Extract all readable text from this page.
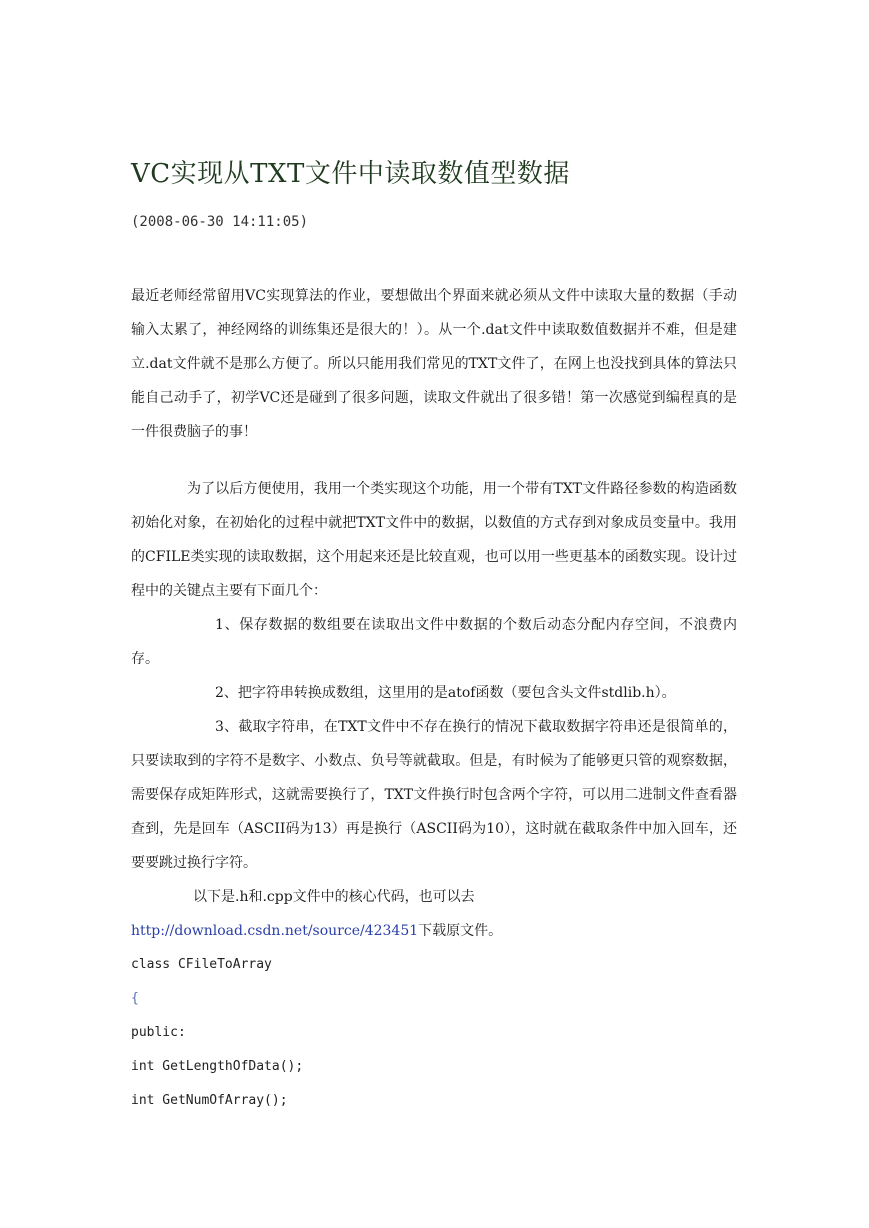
VC实现从TXT文件中读取数值型数据
(2008-06-30 14:11:05)
最近老师经常留用VC实现算法的作业，要想做出个界面来就必须从文件中读取大量的数据（手动输入太累了，神经网络的训练集还是很大的！）。从一个.dat文件中读取数值数据并不难，但是建立.dat文件就不是那么方便了。所以只能用我们常见的TXT文件了，在网上也没找到具体的算法只能自己动手了，初学VC还是碰到了很多问题，读取文件就出了很多错！第一次感觉到编程真的是一件很费脑子的事！
为了以后方便使用，我用一个类实现这个功能，用一个带有TXT文件路径参数的构造函数初始化对象，在初始化的过程中就把TXT文件中的数据，以数值的方式存到对象成员变量中。我用的CFILE类实现的读取数据，这个用起来还是比较直观，也可以用一些更基本的函数实现。设计过程中的关键点主要有下面几个：
1、保存数据的数组要在读取出文件中数据的个数后动态分配内存空间，不浪费内存。
2、把字符串转换成数组，这里用的是atof函数（要包含头文件stdlib.h）。
3、截取字符串，在TXT文件中不存在换行的情况下截取数据字符串还是很简单的，只要读取到的字符不是数字、小数点、负号等就截取。但是，有时候为了能够更只管的观察数据，需要保存成矩阵形式，这就需要换行了，TXT文件换行时包含两个字符，可以用二进制文件查看器查到，先是回车（ASCII码为13）再是换行（ASCII码为10），这时就在截取条件中加入回车，还要要跳过换行字符。
以下是.h和.cpp文件中的核心代码，也可以去
http://download.csdn.net/source/423451下载原文件。
class CFileToArray
{
public:
int GetLengthOfData();
int GetNumOfArray();
